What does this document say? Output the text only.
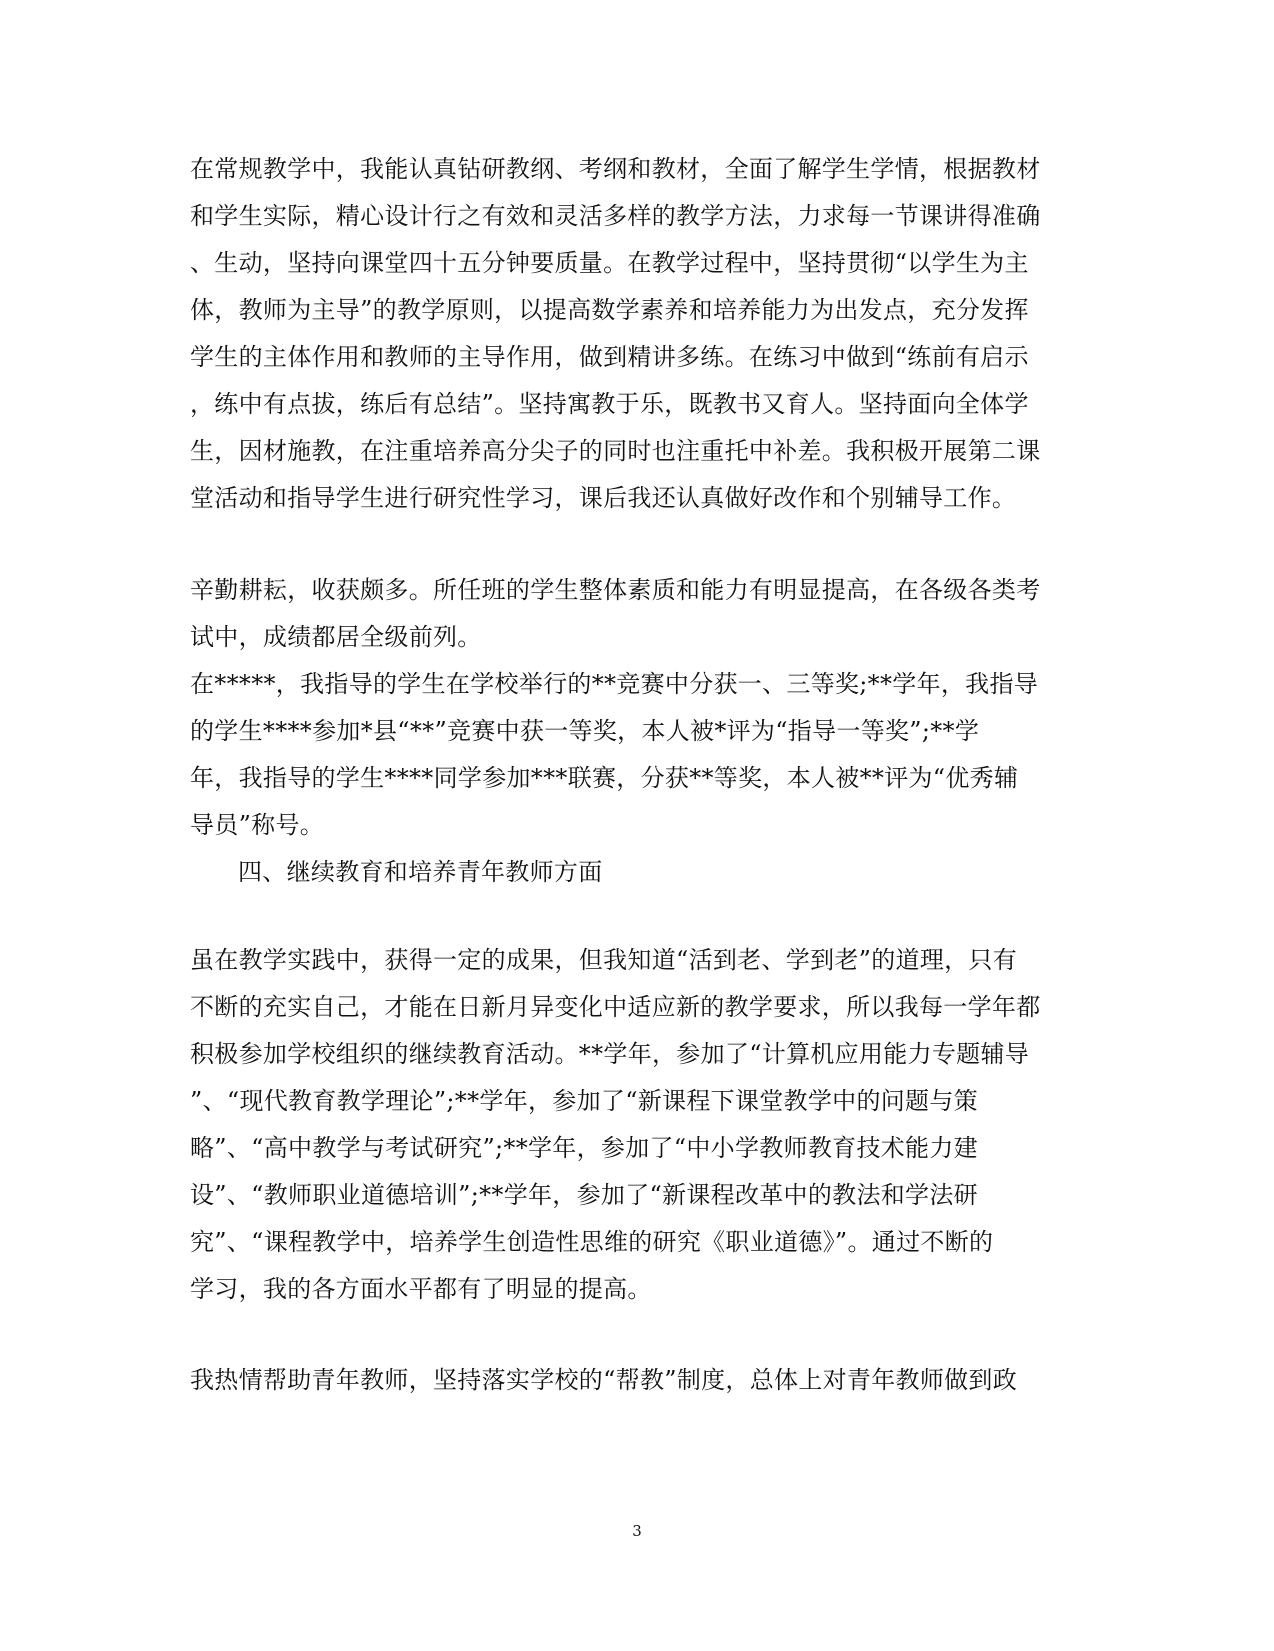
在常规教学中，我能认真钻研教纲、考纲和教材，全面了解学生学情，根据教材
和学生实际，精心设计行之有效和灵活多样的教学方法，力求每一节课讲得准确
、生动，坚持向课堂四十五分钟要质量。在教学过程中，坚持贯彻“以学生为主
体，教师为主导”的教学原则，以提高数学素养和培养能力为出发点，充分发挥
学生的主体作用和教师的主导作用，做到精讲多练。在练习中做到“练前有启示
，练中有点拔，练后有总结”。坚持寓教于乐，既教书又育人。坚持面向全体学
生，因材施教，在注重培养高分尖子的同时也注重托中补差。我积极开展第二课
堂活动和指导学生进行研究性学习，课后我还认真做好改作和个别辅导工作。
辛勤耕耘，收获颇多。所任班的学生整体素质和能力有明显提高，在各级各类考
试中，成绩都居全级前列。
在*****，我指导的学生在学校举行的**竞赛中分获一、三等奖;**学年，我指导
的学生****参加*县“**”竞赛中获一等奖，本人被*评为“指导一等奖”;**学
年，我指导的学生****同学参加***联赛，分获**等奖，本人被**评为“优秀辅
导员”称号。
四、继续教育和培养青年教师方面
虽在教学实践中，获得一定的成果，但我知道“活到老、学到老”的道理，只有
不断的充实自己，才能在日新月异变化中适应新的教学要求，所以我每一学年都
积极参加学校组织的继续教育活动。**学年，参加了“计算机应用能力专题辅导
”、“现代教育教学理论”;**学年，参加了“新课程下课堂教学中的问题与策
略”、“高中教学与考试研究”;**学年，参加了“中小学教师教育技术能力建
设”、“教师职业道德培训”;**学年，参加了“新课程改革中的教法和学法研
究”、“课程教学中，培养学生创造性思维的研究《职业道德》”。通过不断的
学习，我的各方面水平都有了明显的提高。
我热情帮助青年教师，坚持落实学校的“帮教”制度，总体上对青年教师做到政
3
